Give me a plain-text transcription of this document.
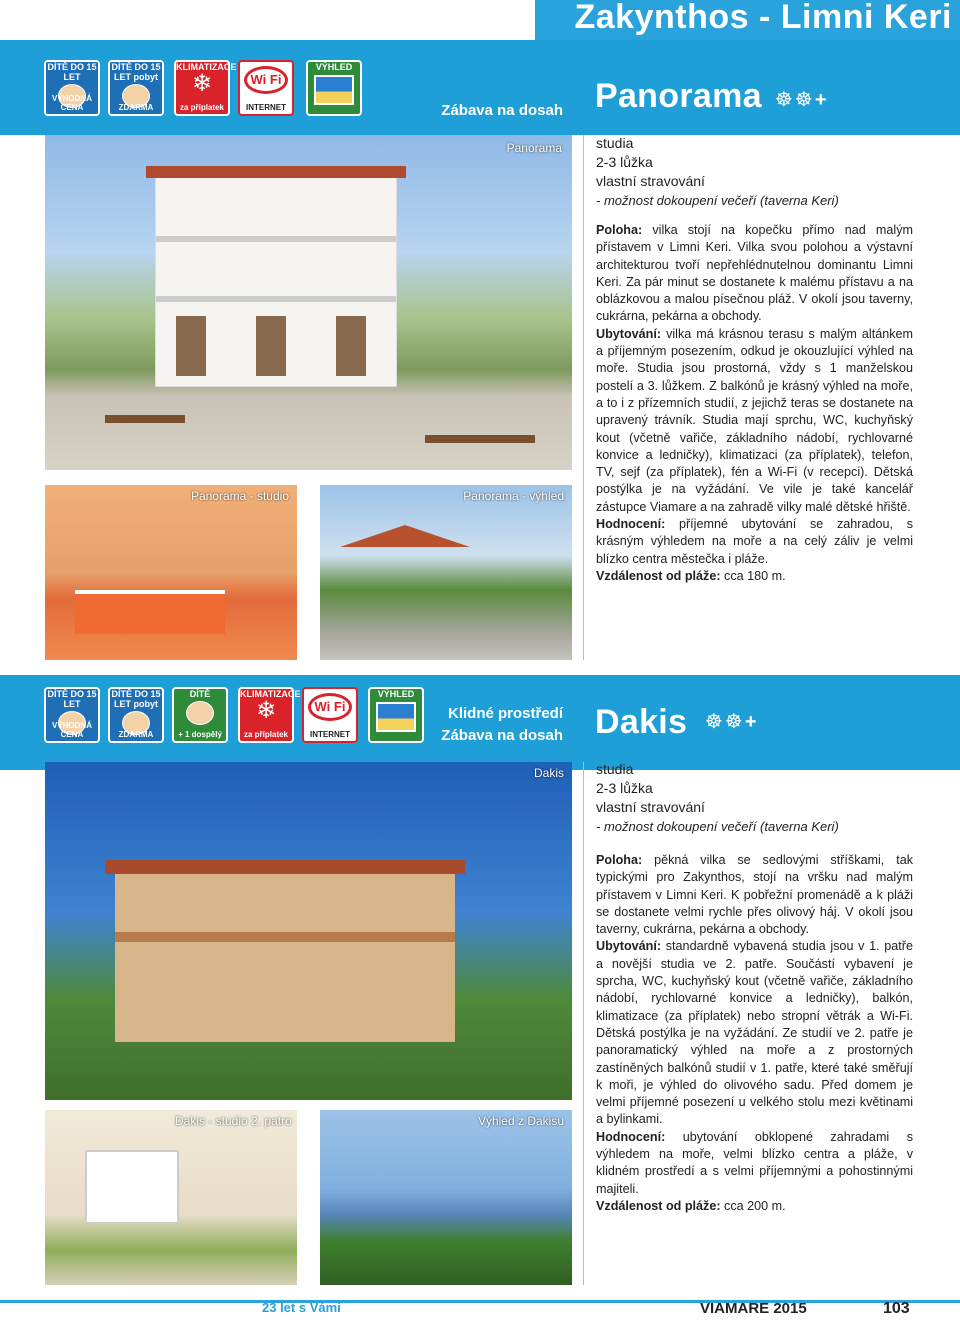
Zakynthos - Limni Keri
DÍTĚ DO 15 LET
VÝHODNÁ CENA
DÍTĚ DO 15 LET pobyt
ZDARMA
KLIMATIZACE
❄
za příplatek
Wi Fi
INTERNET
VÝHLED
Zábava na dosah Panorama ☸☸+
Panorama
Panorama - studio	Panorama - výhled
studia
2-3 lůžka
vlastní stravování
- možnost dokoupení večeří (taverna Keri)
Poloha: vilka stojí na kopečku přímo nad malým přístavem v Limni Keri. Vilka svou polohou a výstavní architekturou tvoří nepřehlédnutelnou dominantu Limni Keri. Za pár minut se dostanete k malému přístavu a na oblázkovou a malou písečnou pláž. V okolí jsou taverny, cukrárna, pekárna a obchody.
Ubytování: vilka má krásnou terasu s malým altánkem a příjemným posezením, odkud je okouzlující výhled na moře. Studia jsou prostorná, vždy s 1 manželskou postelí a 3. lůžkem. Z balkónů je krásný výhled na moře, a to i z přízemních studií, z jejichž teras se dostanete na upravený trávník. Studia mají sprchu, WC, kuchyňský kout (včetně vařiče, základního nádobí, rychlovarné konvice a ledničky), klimatizaci (za příplatek), telefon, TV, sejf (za příplatek), fén a Wi-Fi (v recepci). Dětská postýlka je na vyžádání. Ve vile je také kancelář zástupce Viamare a na zahradě vilky malé dětské hřiště.
Hodnocení: příjemné ubytování se zahradou, s krásným výhledem na moře a na celý záliv je velmi blízko centra městečka i pláže.
Vzdálenost od pláže: cca 180 m.
DÍTĚ DO 15 LET
VÝHODNÁ CENA
DÍTĚ DO 15 LET pobyt
ZDARMA
DÍTĚ
+ 1 dospělý
KLIMATIZACE
❄
za příplatek
Wi Fi
INTERNET
VÝHLED
Klidné prostředí
Zábava na dosah Dakis ☸☸+
Dakis
Dakis - studio 2. patro	Výhled z Dakisu
studia
2-3 lůžka
vlastní stravování
- možnost dokoupení večeří (taverna Keri)
Poloha: pěkná vilka se sedlovými stříškami, tak typickými pro Zakynthos, stojí na vršku nad malým přístavem v Limni Keri. K pobřežní promenádě a k pláži se dostanete velmi rychle přes olivový háj. V okolí jsou taverny, cukrárna, pekárna a obchody.
Ubytování: standardně vybavená studia jsou v 1. patře a novější studia ve 2. patře. Součástí vybavení je sprcha, WC, kuchyňský kout (včetně vařiče, základního nádobí, rychlovarné konvice a ledničky), balkón, klimatizace (za příplatek) nebo stropní větrák a Wi-Fi. Dětská postýlka je na vyžádání. Ze studií ve 2. patře je panoramatický výhled na moře a z prostorných zastíněných balkónů studií v 1. patře, které také směřují k moři, je výhled do olivového sadu. Před domem je velmi příjemné posezení u velkého stolu mezi květinami a bylinkami.
Hodnocení: ubytování obklopené zahradami s výhledem na moře, velmi blízko centra a pláže, v klidném prostředí a s velmi příjemnými a pohostinnými majiteli.
Vzdálenost od pláže: cca 200 m.
23 let s Vámi	VIAMARE 2015	103
